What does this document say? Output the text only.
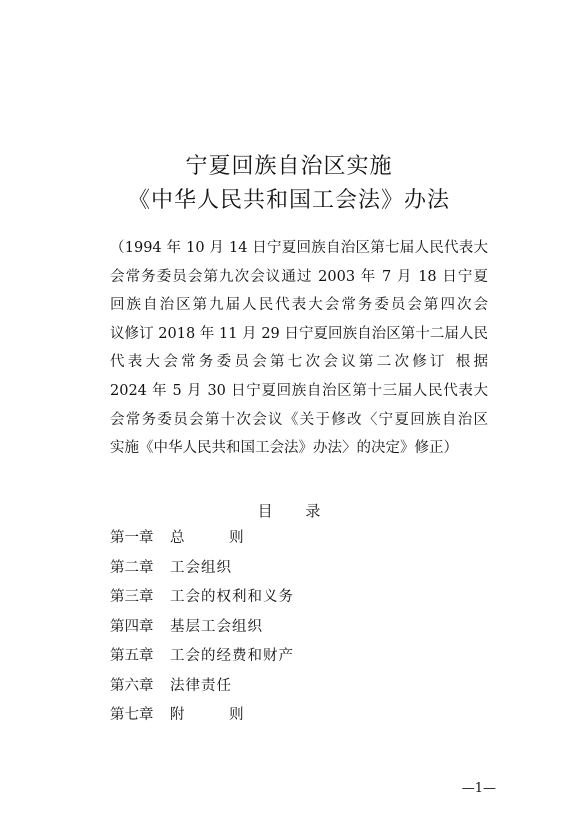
宁夏回族自治区实施
《中华人民共和国工会法》办法
（1994 年 10 月 14 日宁夏回族自治区第七届人民代表大
会常务委员会第九次会议通过 2003 年 7 月 18 日宁夏
回族自治区第九届人民代表大会常务委员会第四次会
议修订 2018 年 11 月 29 日宁夏回族自治区第十二届人民
代表大会常务委员会第七次会议第二次修订 根据
2024 年 5 月 30 日宁夏回族自治区第十三届人民代表大
会常务委员会第十次会议《关于修改〈宁夏回族自治区
实施《中华人民共和国工会法》办法〉的决定》修正）
目 录
第一章 总 则
第二章 工会组织
第三章 工会的权利和义务
第四章 基层工会组织
第五章 工会的经费和财产
第六章 法律责任
第七章 附 则
—1—
